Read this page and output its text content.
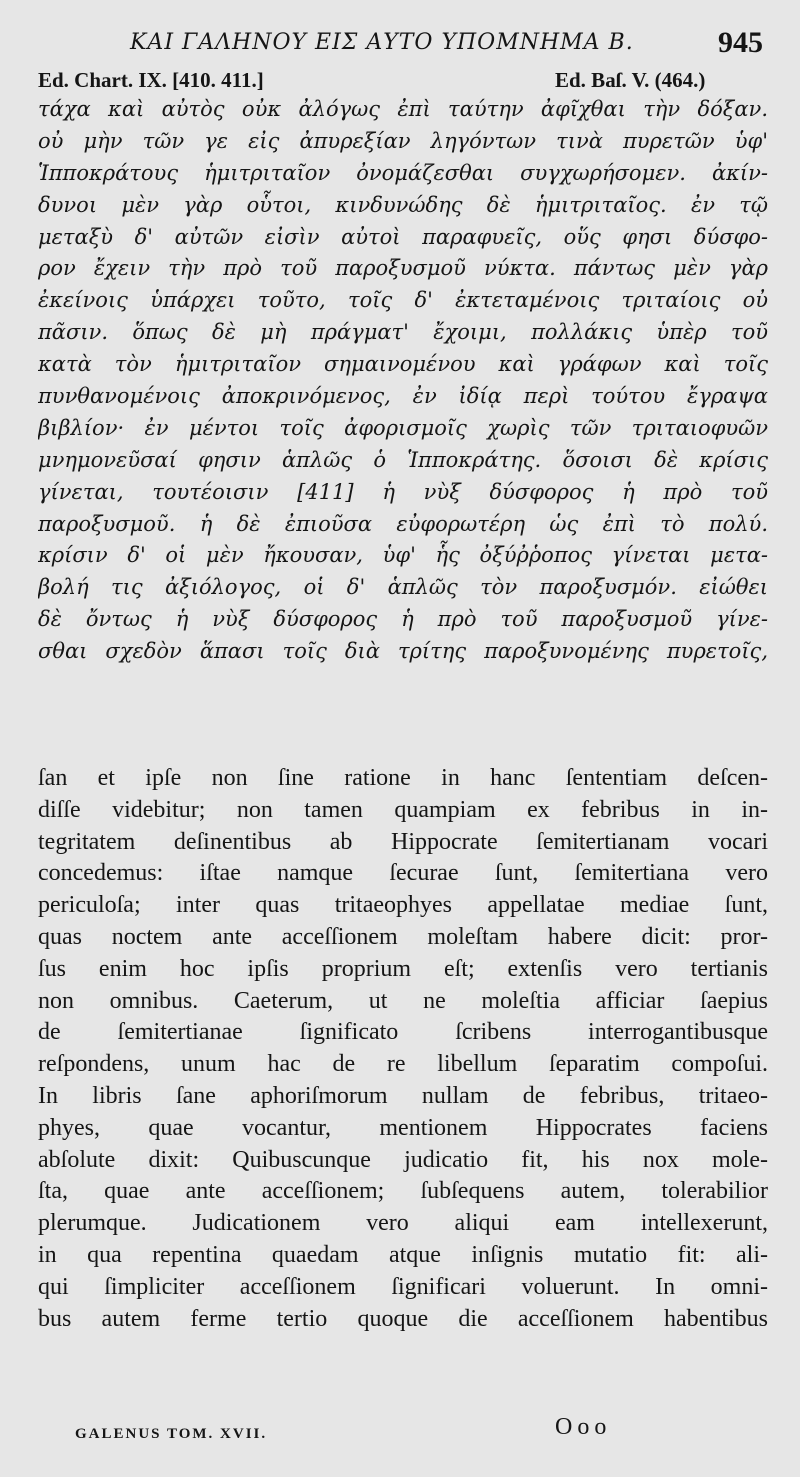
ΚΑΙ ΓΑΛΗΝΟΥ ΕΙΣ ΑΥΤΟ ΥΠΟΜΝΗΜΑ Β.	945
Ed. Chart. IX. [410. 411.]	Ed. Baſ. V. (464.)
τάχα καὶ αὐτὸς οὐκ ἀλόγως ἐπὶ ταύτην ἀφῖχθαι τὴν δόξαν.
οὐ μὴν τῶν γε εἰς ἀπυρεξίαν ληγόντων τινὰ πυρετῶν ὑφ'
Ἱπποκράτους ἡμιτριταῖον ὀνομάζεσθαι συγχωρήσομεν. ἀκίν-
δυνοι μὲν γὰρ οὗτοι, κινδυνώδης δὲ ἡμιτριταῖος. ἐν τῷ
μεταξὺ δ' αὐτῶν εἰσὶν αὐτοὶ παραφυεῖς, οὕς φησι δύσφο-
ρον ἔχειν τὴν πρὸ τοῦ παροξυσμοῦ νύκτα. πάντως μὲν γὰρ
ἐκείνοις ὑπάρχει τοῦτο, τοῖς δ' ἐκτεταμένοις τριταίοις οὐ
πᾶσιν. ὅπως δὲ μὴ πράγματ' ἔχοιμι, πολλάκις ὑπὲρ τοῦ
κατὰ τὸν ἡμιτριταῖον σημαινομένου καὶ γράφων καὶ τοῖς
πυνθανομένοις ἀποκρινόμενος, ἐν ἰδίᾳ περὶ τούτου ἔγραψα
βιβλίον· ἐν μέντοι τοῖς ἀφορισμοῖς χωρὶς τῶν τριταιοφυῶν
μνημονεῦσαί φησιν ἁπλῶς ὁ Ἱπποκράτης. ὅσοισι δὲ κρίσις
γίνεται, τουτέοισιν [411] ἡ νὺξ δύσφορος ἡ πρὸ τοῦ
παροξυσμοῦ. ἡ δὲ ἐπιοῦσα εὐφορωτέρη ὡς ἐπὶ τὸ πολύ.
κρίσιν δ' οἱ μὲν ἤκουσαν, ὑφ' ἧς ὀξύῤῥοπος γίνεται μετα-
βολή τις ἀξιόλογος, οἱ δ' ἁπλῶς τὸν παροξυσμόν. εἰώθει
δὲ ὄντως ἡ νὺξ δύσφορος ἡ πρὸ τοῦ παροξυσμοῦ γίνε-
σθαι σχεδὸν ἅπασι τοῖς διὰ τρίτης παροξυνομένης πυρετοῖς,
ſan et ipſe non ſine ratione in hanc ſententiam deſcen-
diſſe videbitur; non tamen quampiam ex febribus in in-
tegritatem deſinentibus ab Hippocrate ſemitertianam vocari
concedemus: iſtae namque ſecurae ſunt, ſemitertiana vero
periculoſa; inter quas tritaeophyes appellatae mediae ſunt,
quas noctem ante acceſſionem moleſtam habere dicit: pror-
ſus enim hoc ipſis proprium eſt; extenſis vero tertianis
non omnibus. Caeterum, ut ne moleſtia afficiar ſaepius
de ſemitertianae ſignificato ſcribens interrogantibusque
reſpondens, unum hac de re libellum ſeparatim compoſui.
In libris ſane aphoriſmorum nullam de febribus, tritaeo-
phyes, quae vocantur, mentionem Hippocrates faciens
abſolute dixit: Quibuscunque judicatio fit, his nox mole-
ſta, quae ante acceſſionem; ſubſequens autem, tolerabilior
plerumque. Judicationem vero aliqui eam intellexerunt,
in qua repentina quaedam atque inſignis mutatio fit: ali-
qui ſimpliciter acceſſionem ſignificari voluerunt. In omni-
bus autem ferme tertio quoque die acceſſionem habentibus
GALENUS TOM. XVII.	Ooo
